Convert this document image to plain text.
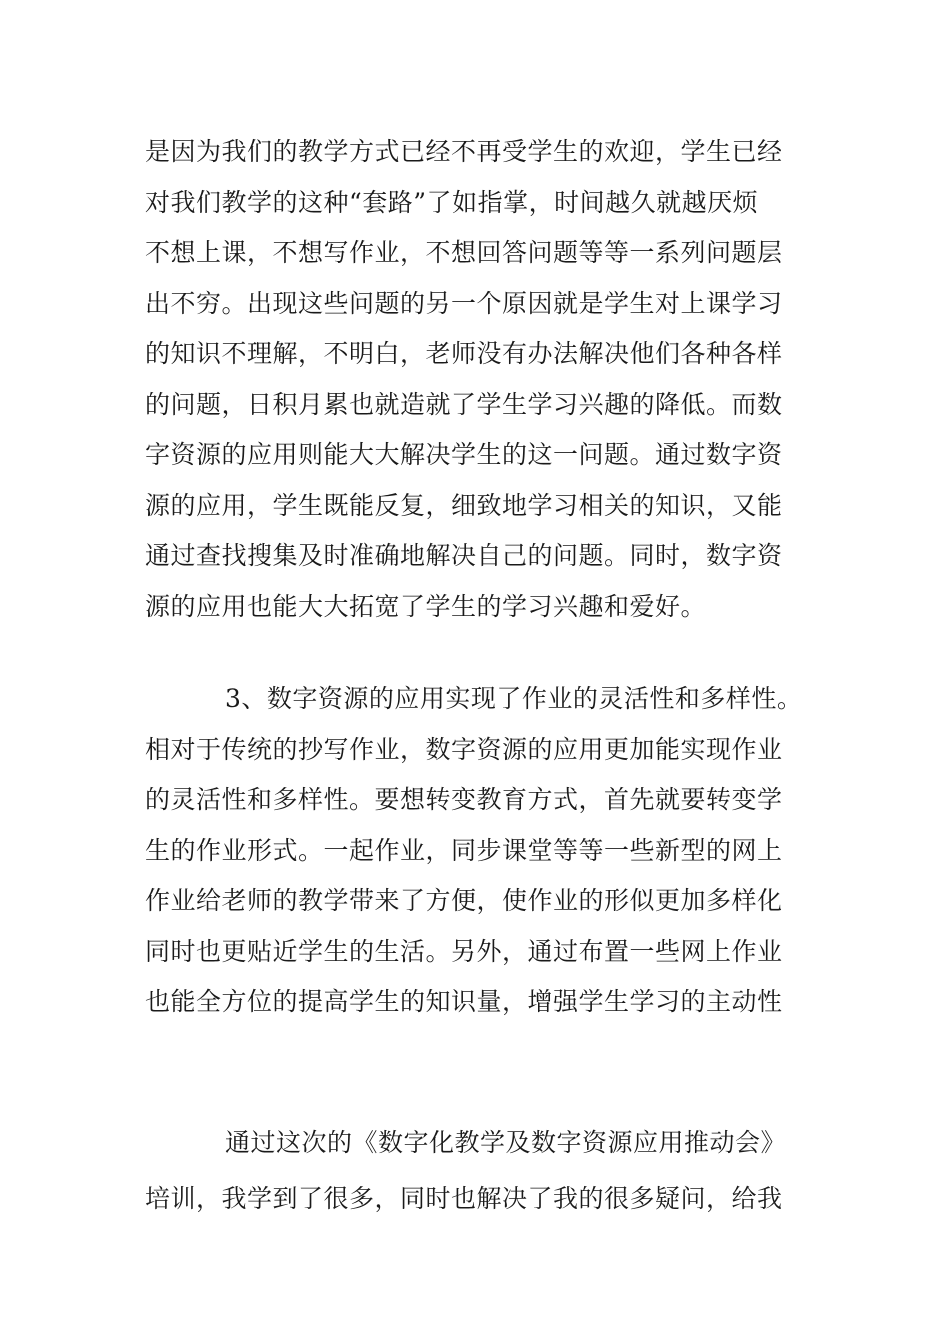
是因为我们的教学方式已经不再受学生的欢迎，学生已经
对我们教学的这种“套路”了如指掌，时间越久就越厌烦
不想上课，不想写作业，不想回答问题等等一系列问题层
出不穷。出现这些问题的另一个原因就是学生对上课学习
的知识不理解，不明白，老师没有办法解决他们各种各样
的问题，日积月累也就造就了学生学习兴趣的降低。而数
字资源的应用则能大大解决学生的这一问题。通过数字资
源的应用，学生既能反复，细致地学习相关的知识，又能
通过查找搜集及时准确地解决自己的问题。同时，数字资
源的应用也能大大拓宽了学生的学习兴趣和爱好。
3、数字资源的应用实现了作业的灵活性和多样性。
相对于传统的抄写作业，数字资源的应用更加能实现作业
的灵活性和多样性。要想转变教育方式，首先就要转变学
生的作业形式。一起作业，同步课堂等等一些新型的网上
作业给老师的教学带来了方便，使作业的形似更加多样化
同时也更贴近学生的生活。另外，通过布置一些网上作业
也能全方位的提高学生的知识量，增强学生学习的主动性
通过这次的《数字化教学及数字资源应用推动会》
培训，我学到了很多，同时也解决了我的很多疑问，给我
